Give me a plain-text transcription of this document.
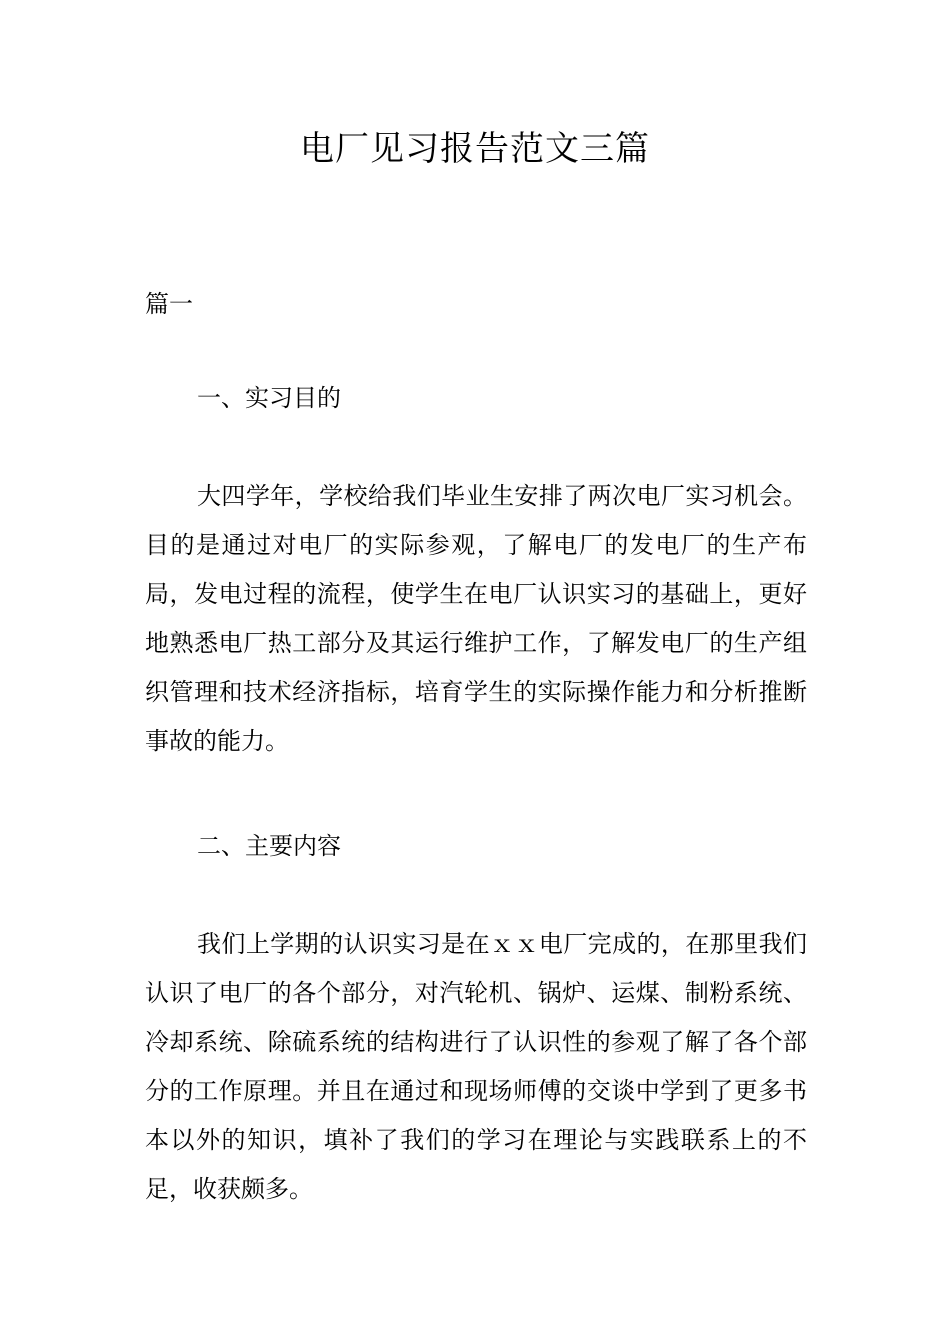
电厂见习报告范文三篇

篇一

一、实习目的

大四学年，学校给我们毕业生安排了两次电厂实习机会。目的是通过对电厂的实际参观，了解电厂的发电厂的生产布局，发电过程的流程，使学生在电厂认识实习的基础上，更好地熟悉电厂热工部分及其运行维护工作，了解发电厂的生产组织管理和技术经济指标，培育学生的实际操作能力和分析推断事故的能力。

二、主要内容

我们上学期的认识实习是在ｘｘ电厂完成的，在那里我们认识了电厂的各个部分，对汽轮机、锅炉、运煤、制粉系统、冷却系统、除硫系统的结构进行了认识性的参观了解了各个部分的工作原理。并且在通过和现场师傅的交谈中学到了更多书本以外的知识，填补了我们的学习在理论与实践联系上的不足，收获颇多。
